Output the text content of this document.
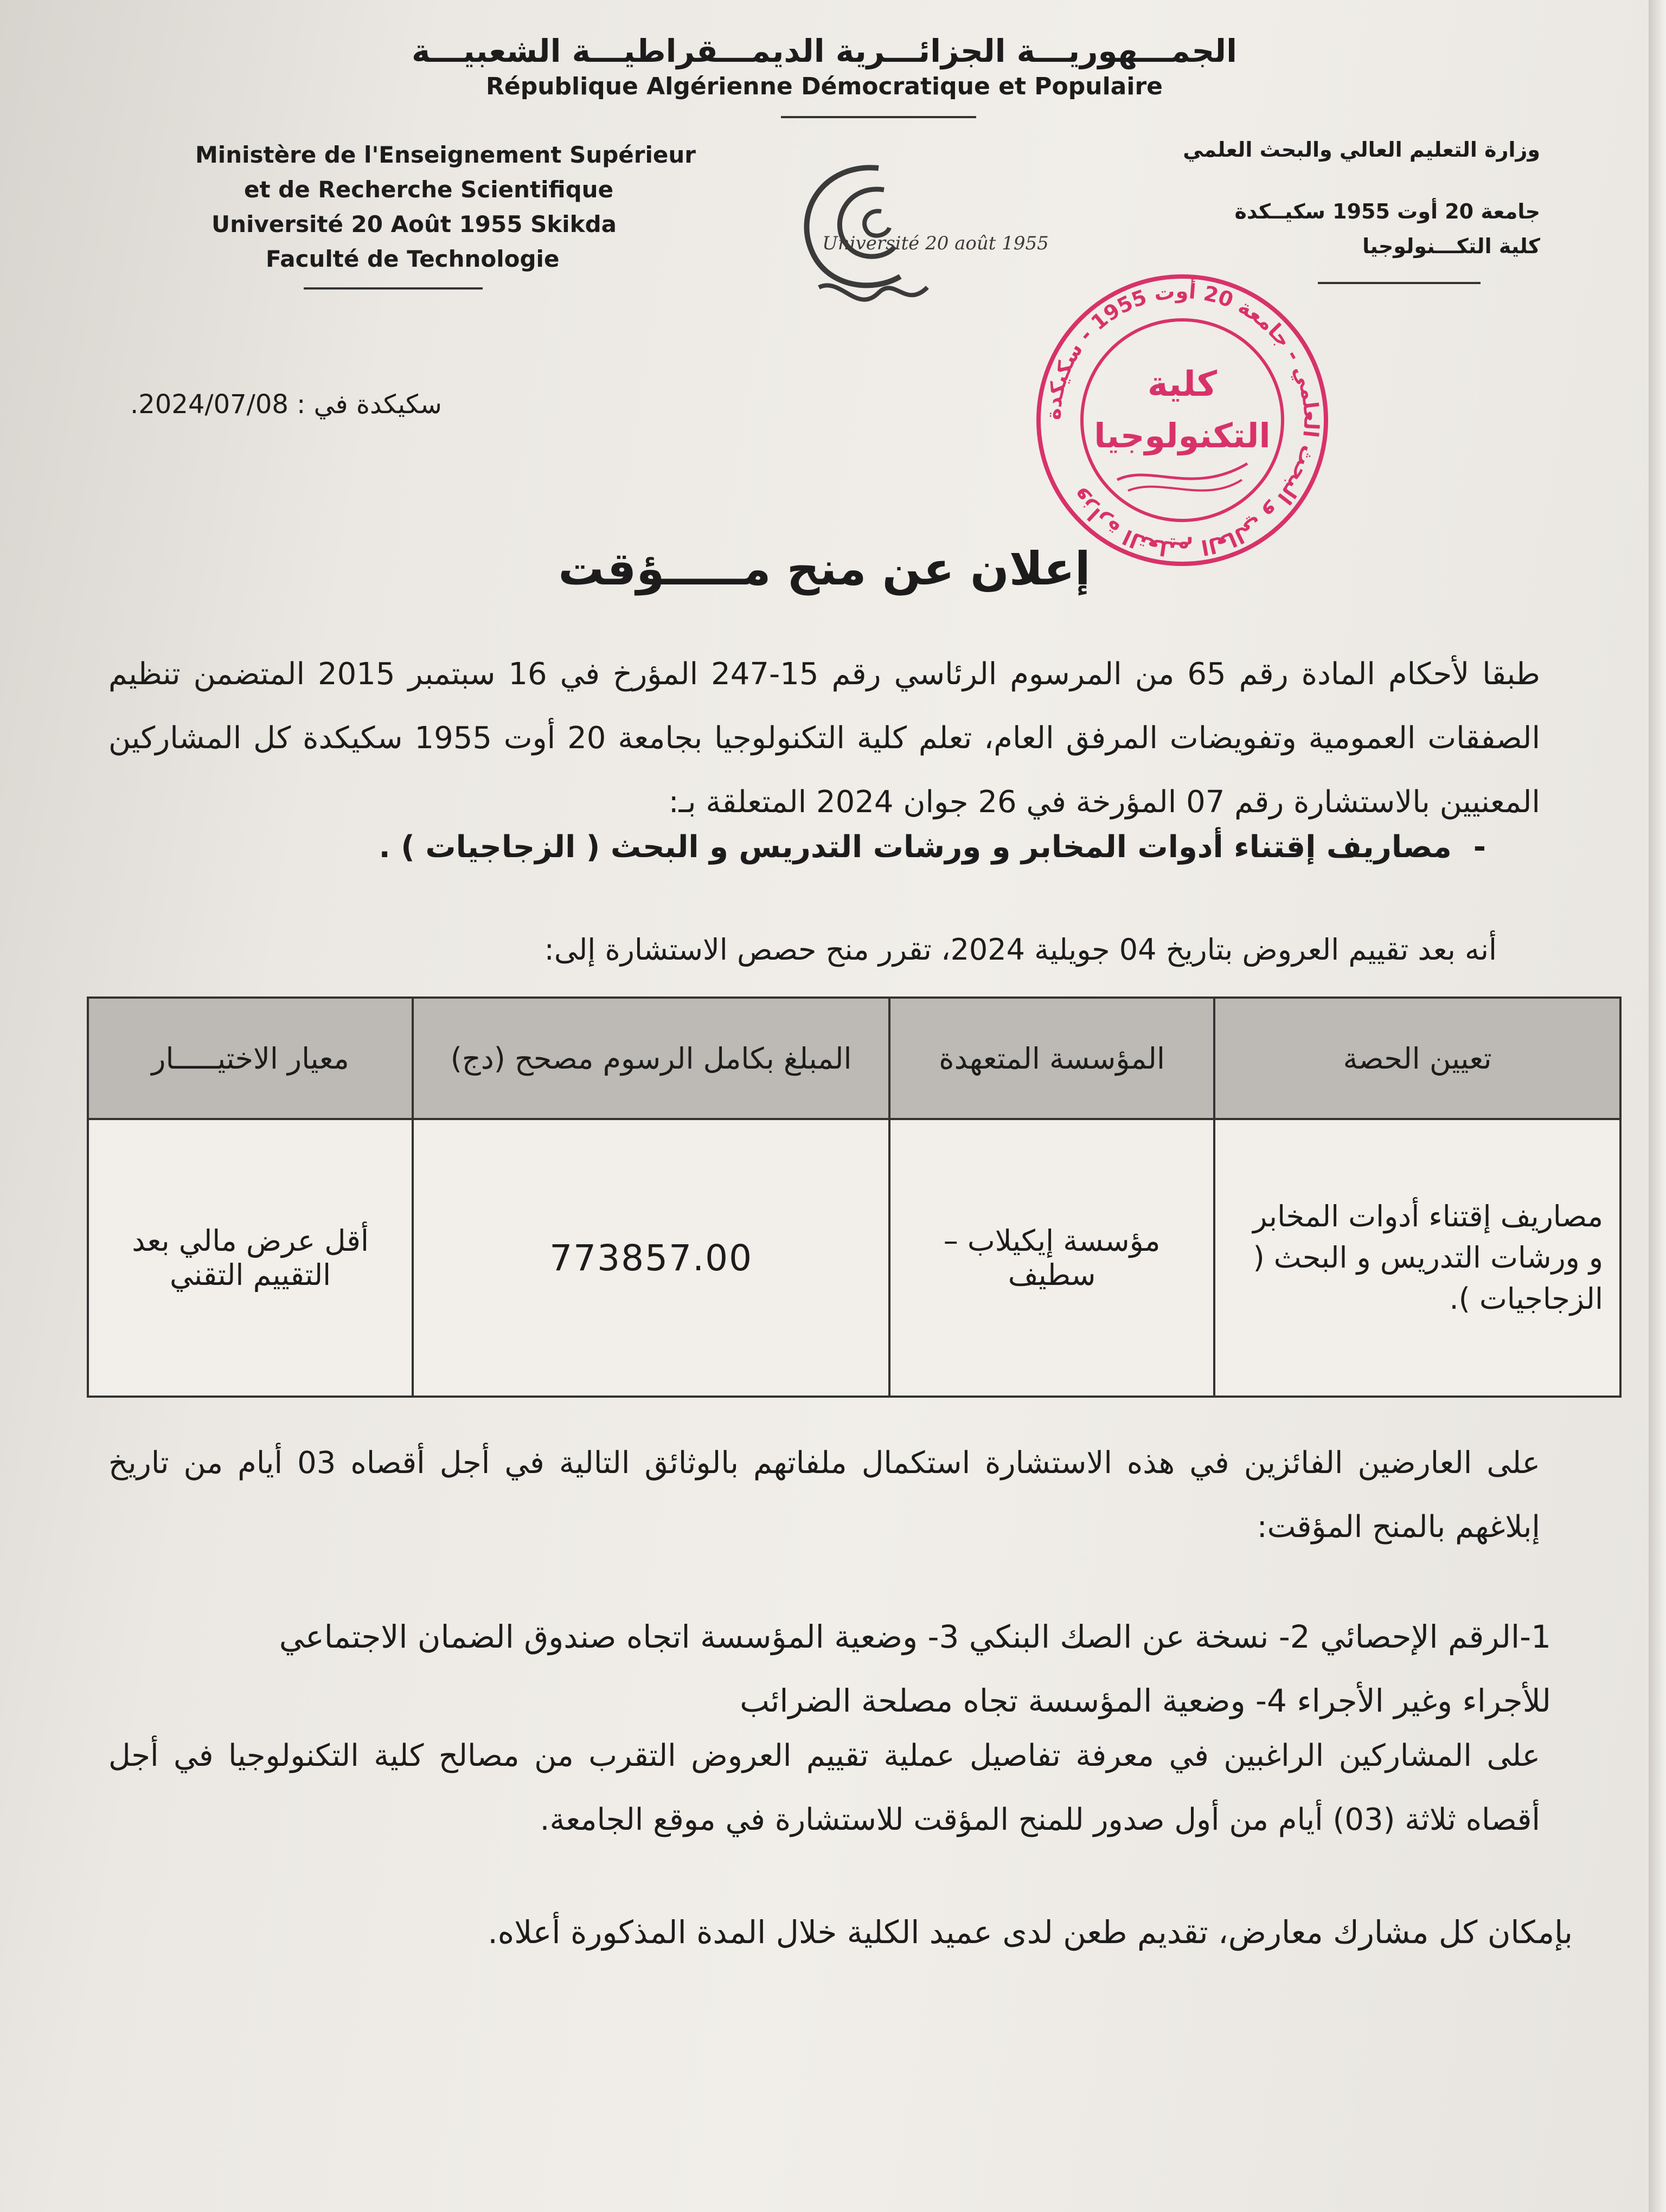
الجمـــهوريـــة الجزائـــرية الديمـــقراطيـــة الشعبيـــة
République Algérienne Démocratique et Populaire
Ministère de l'Enseignement Supérieur
et de Recherche Scientifique
Université 20 Août 1955 Skikda
Faculté de Technologie
وزارة التعليم العالي والبحث العلمي
جامعة 20 أوت 1955 سكيــكدة
كلية التكـــنولوجيا
Université 20 août 1955
وزارة التعليم العالي و البحث العلمي - جامعة 20 أوت 1955 - سكيكدة
كلية
التكنولوجيا
سكيكدة في : 2024/07/08.
إعلان عن منح مـــــؤقت
طبقا لأحكام المادة رقم 65 من المرسوم الرئاسي رقم 15-247 المؤرخ في 16 سبتمبر 2015 المتضمن تنظيم الصفقات العمومية وتفويضات المرفق العام، تعلم كلية التكنولوجيا بجامعة 20 أوت 1955 سكيكدة كل المشاركين المعنيين بالاستشارة رقم 07 المؤرخة في 26 جوان 2024 المتعلقة بـ:
-مصاريف إقتناء أدوات المخابر و ورشات التدريس و البحث ( الزجاجيات ) .
أنه بعد تقييم العروض بتاريخ 04 جويلية 2024، تقرر منح حصص الاستشارة إلى:
تعيين الحصة	المؤسسة المتعهدة	المبلغ بكامل الرسوم مصحح (دج)	معيار الاختيـــــار
مصاريف إقتناء أدوات المخابر و ورشات التدريس و البحث ( الزجاجيات ).	مؤسسة إيكيلاب – سطيف	773857.00	أقل عرض مالي بعد التقييم التقني
على العارضين الفائزين في هذه الاستشارة استكمال ملفاتهم بالوثائق التالية في أجل أقصاه 03 أيام من تاريخ إبلاغهم بالمنح المؤقت:
1-الرقم الإحصائي 2- نسخة عن الصك البنكي 3- وضعية المؤسسة اتجاه صندوق الضمان الاجتماعي
للأجراء وغير الأجراء 4- وضعية المؤسسة تجاه مصلحة الضرائب
على المشاركين الراغبين في معرفة تفاصيل عملية تقييم العروض التقرب من مصالح كلية التكنولوجيا في أجل أقصاه ثلاثة (03) أيام من أول صدور للمنح المؤقت للاستشارة في موقع الجامعة.
بإمكان كل مشارك معارض، تقديم طعن لدى عميد الكلية خلال المدة المذكورة أعلاه.
